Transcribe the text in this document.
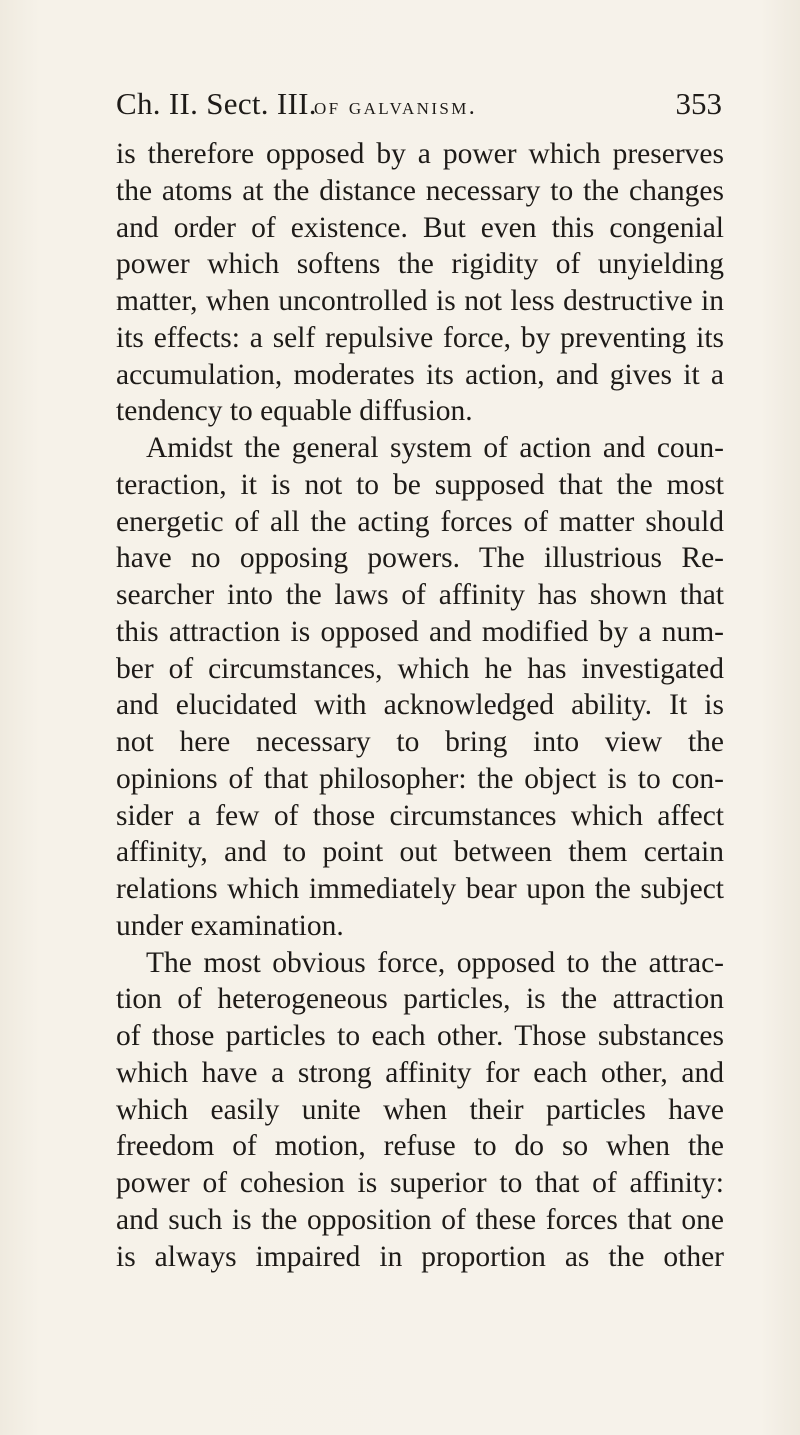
Ch. II. Sect. III.
of galvanism.	353
is therefore opposed by a power which preserves
the atoms at the distance necessary to the changes
and order of existence. But even this congenial
power which softens the rigidity of unyielding
matter, when uncontrolled is not less destructive in
its effects: a self repulsive force, by preventing its
accumulation, moderates its action, and gives it a
tendency to equable diffusion.
Amidst the general system of action and coun-
teraction, it is not to be supposed that the most
energetic of all the acting forces of matter should
have no opposing powers. The illustrious Re-
searcher into the laws of affinity has shown that
this attraction is opposed and modified by a num-
ber of circumstances, which he has investigated
and elucidated with acknowledged ability. It is
not here necessary to bring into view the
opinions of that philosopher: the object is to con-
sider a few of those circumstances which affect
affinity, and to point out between them certain
relations which immediately bear upon the subject
under examination.
The most obvious force, opposed to the attrac-
tion of heterogeneous particles, is the attraction
of those particles to each other. Those substances
which have a strong affinity for each other, and
which easily unite when their particles have
freedom of motion, refuse to do so when the
power of cohesion is superior to that of affinity:
and such is the opposition of these forces that one
is always impaired in proportion as the other
